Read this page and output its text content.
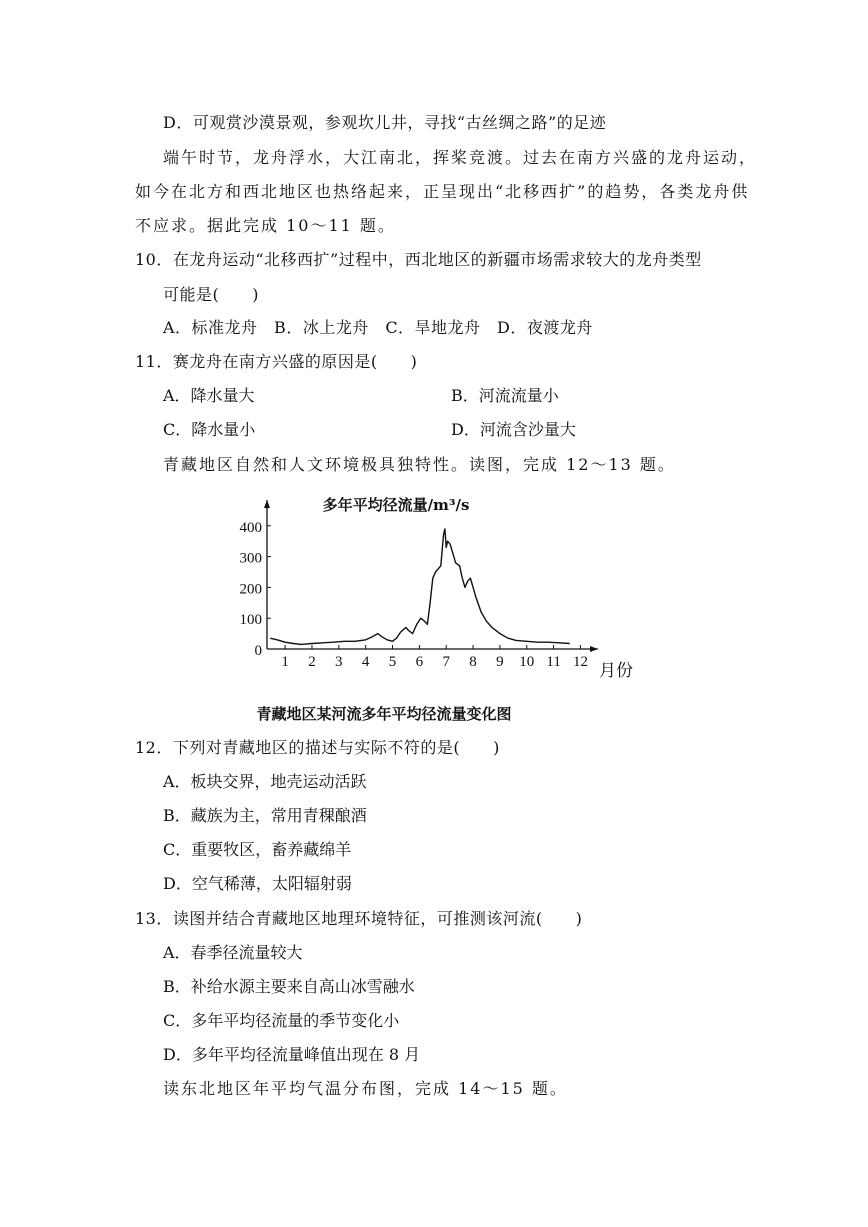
D．可观赏沙漠景观，参观坎儿井，寻找“古丝绸之路”的足迹
端午时节，龙舟浮水，大江南北，挥桨竞渡。过去在南方兴盛的龙舟运动，
如今在北方和西北地区也热络起来，正呈现出“北移西扩”的趋势，各类龙舟供
不应求。据此完成 10～11 题。
10．在龙舟运动“北移西扩”过程中，西北地区的新疆市场需求较大的龙舟类型
可能是(　　)
A．标准龙舟　B．冰上龙舟　C．旱地龙舟　D．夜渡龙舟
11．赛龙舟在南方兴盛的原因是(　　)
A．降水量大	B．河流流量小
C．降水量小	D．河流含沙量大
青藏地区自然和人文环境极具独特性。读图，完成 12～13 题。
1 2 3 4 5 6 7 8 9 10 11 12
0
100
200
300
400
多年平均径流量/m³/s
月份
青藏地区某河流多年平均径流量变化图
12．下列对青藏地区的描述与实际不符的是(　　)
A．板块交界，地壳运动活跃
B．藏族为主，常用青稞酿酒
C．重要牧区，畜养藏绵羊
D．空气稀薄，太阳辐射弱
13．读图并结合青藏地区地理环境特征，可推测该河流(　　)
A．春季径流量较大
B．补给水源主要来自高山冰雪融水
C．多年平均径流量的季节变化小
D．多年平均径流量峰值出现在 8 月
读东北地区年平均气温分布图，完成 14～15 题。
